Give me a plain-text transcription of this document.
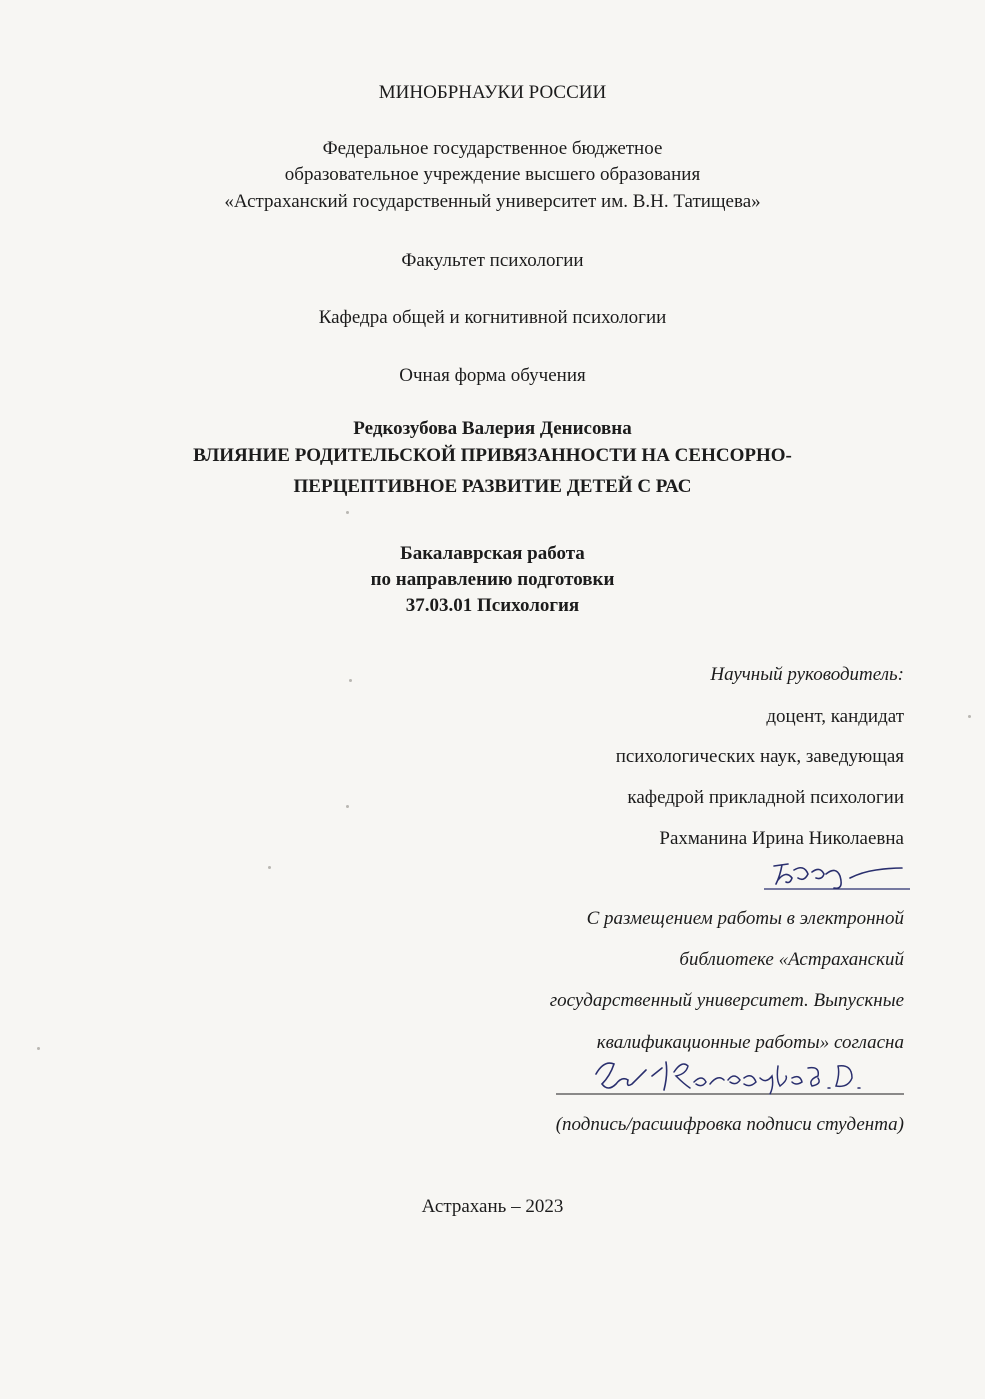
МИНОБРНАУКИ РОССИИ
Федеральное государственное бюджетное
образовательное учреждение высшего образования
«Астраханский государственный университет им. В.Н. Татищева»
Факультет психологии
Кафедра общей и когнитивной психологии
Очная форма обучения
Редкозубова Валерия Денисовна
ВЛИЯНИЕ РОДИТЕЛЬСКОЙ ПРИВЯЗАННОСТИ НА СЕНСОРНО-
ПЕРЦЕПТИВНОЕ РАЗВИТИЕ ДЕТЕЙ С РАС
Бакалаврская работа
по направлению подготовки
37.03.01 Психология
Научный руководитель:
доцент, кандидат
психологических наук, заведующая
кафедрой прикладной психологии
Рахманина Ирина Николаевна
С размещением работы в электронной
библиотеке «Астраханский
государственный университет. Выпускные
квалификационные работы» согласна
(подпись/расшифровка подписи студента)
Астрахань – 2023
